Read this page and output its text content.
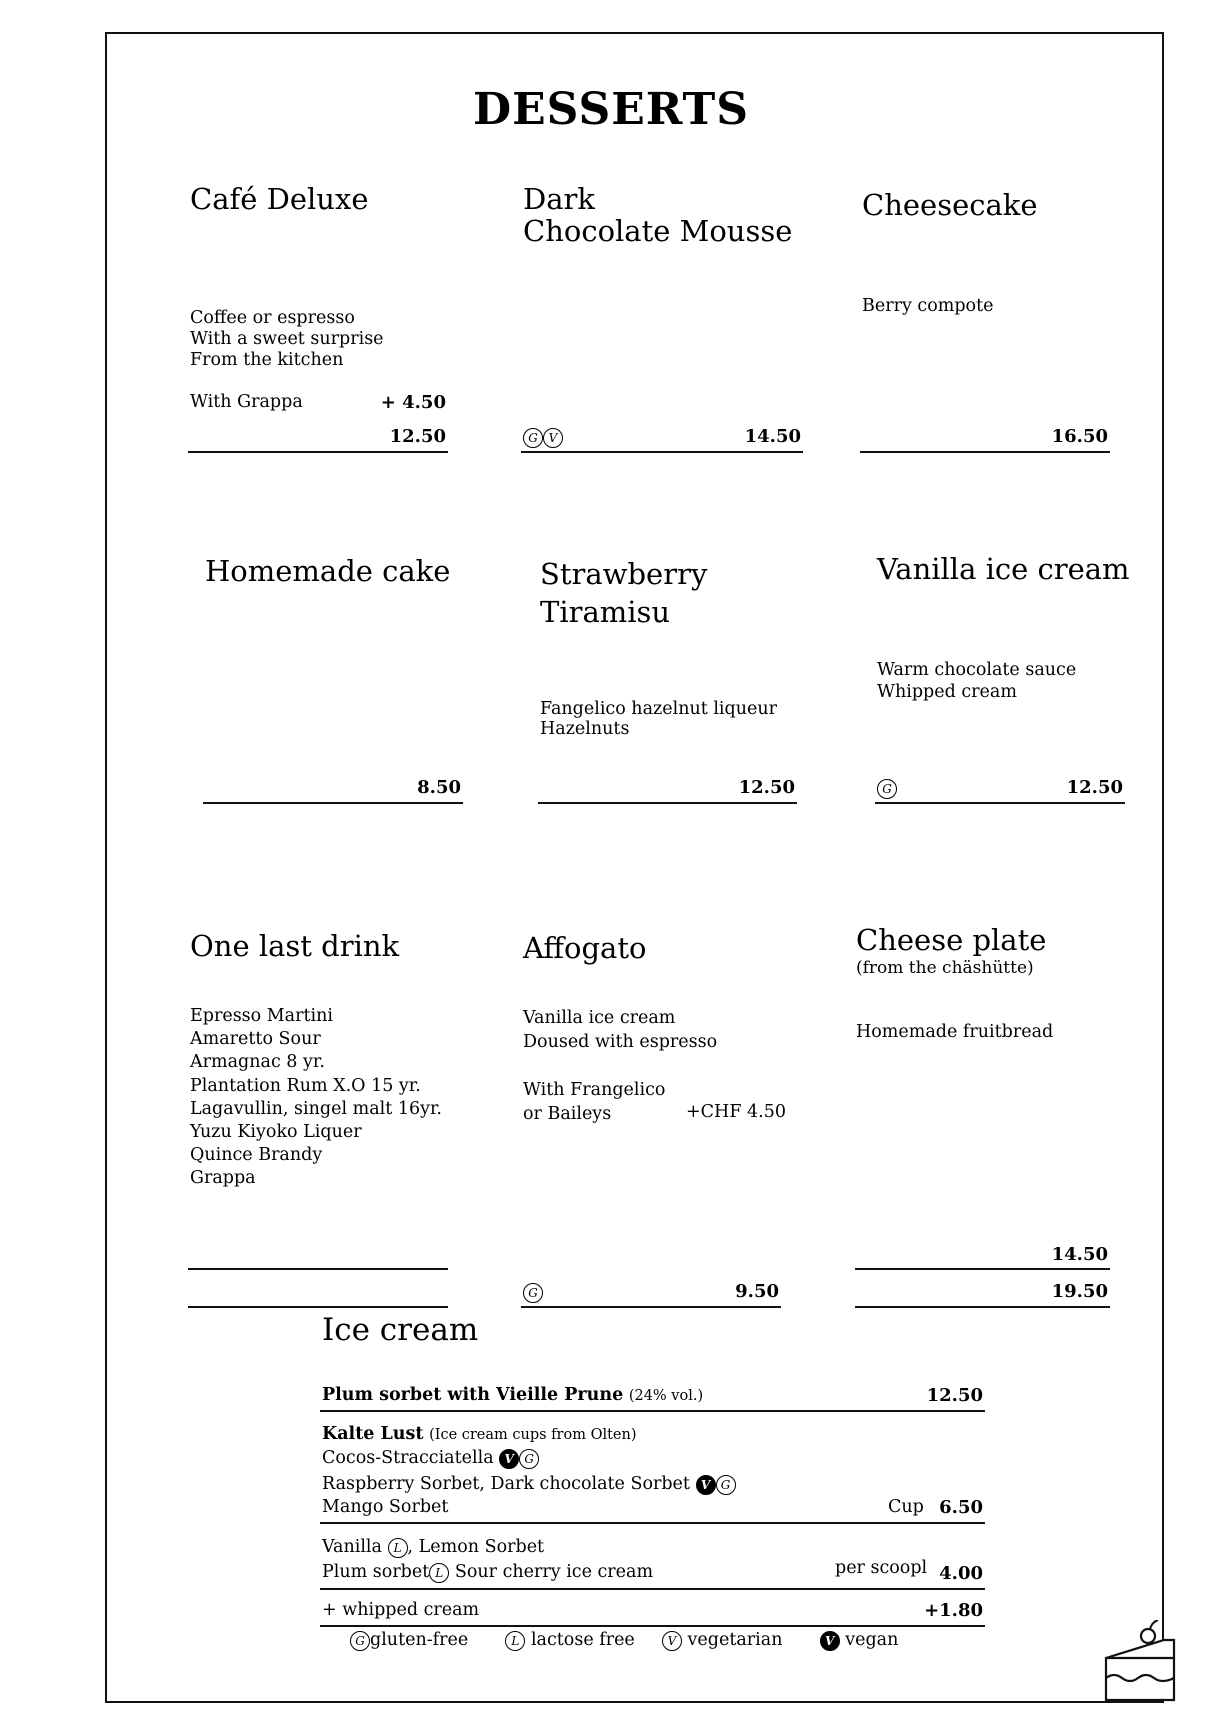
DESSERTS
Café Deluxe
Coffee or espresso
With a sweet surprise
From the kitchen
With Grappa	+ 4.50
12.50
Dark
Chocolate Mousse
G V	14.50
Cheesecake
Berry compote
16.50
Homemade cake
8.50
Strawberry
Tiramisu
Fangelico hazelnut liqueur
Hazelnuts
12.50
Vanilla ice cream
Warm chocolate sauce
Whipped cream
G	12.50
One last drink
Epresso Martini
Amaretto Sour
Armagnac 8 yr.
Plantation Rum X.O 15 yr.
Lagavullin, singel malt 16yr.
Yuzu Kiyoko Liquer
Quince Brandy
Grappa
Affogato
Vanilla ice cream
Doused with espresso
With Frangelico
or Baileys	+CHF 4.50
G	9.50
Cheese plate
(from the chäshütte)
Homemade fruitbread
14.50
19.50
Ice cream
Plum sorbet with Vieille Prune (24% vol.)	12.50
Kalte Lust (Ice cream cups from Olten)
Cocos-Stracciatella V G
Raspberry Sorbet, Dark chocolate Sorbet V G
Mango Sorbet	Cup 6.50
Vanilla L , Lemon Sorbet
Plum sorbet L Sour cherry ice cream	per scoopl 4.00
+ whipped cream	+1.80
G gluten-free	L lactose free	V vegetarian	V vegan
